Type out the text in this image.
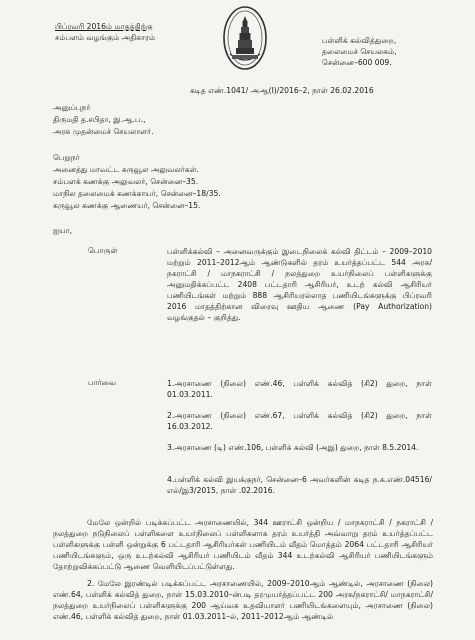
பிப்ரவரி 2016ம் மாதத்திற்கு
சம்பளம் வழங்கும் அதிகாரம்	பள்ளிக் கல்வித்துறை,
தலைமைச் செயலகம்,
சென்னை–600 009.
கடித எண்.1041/ அஆ(I)/2016–2, நாள் 26.02.2016
அனுப்புநர்
திருமதி த.சபிதா, இ.ஆ.ப.,
அரசு முதன்மைச் செயலாளர்.
பெறுநர்
அனைத்து மாவட்ட கருவூல அலுவலர்கள்.
சம்பளக் கணக்கு அலுவலர், சென்னை–35.
மாநில தலைமைக் கணக்காயர், சென்னை–18/35.
கருவூல கணக்கு ஆணையர், சென்னை–15.
ஐயா,
பொருள்	பள்ளிக்கல்வி – அனைவருக்கும் இடைநிலைக் கல்வி திட்டம் – 2009–2010 மற்றும் 2011–2012ஆம் ஆண்டுகளில் தரம் உயர்த்தப்பட்ட 544 அரசு/ நகராட்சி / மாநகராட்சி / நலத்துறை உயர்நிலைப் பள்ளிகளுக்கு அனுமதிக்கப்பட்ட 2408 பட்டதாரி ஆசிரியர், உடற் கல்வி ஆசிரியர் பணியிடங்கள் மற்றும் 888 ஆசிரியரல்லாத பணியிடங்களுக்கு பிப்ரவரி 2016 மாதத்திற்கான விரைவு ஊதிய ஆணை (Pay Authorization) வழங்குதல் – குறித்து.
பார்வை	1.அரசாணை (நிலை) எண்.46, பள்ளிக் கல்வித் (சி2) துறை, நாள் 01.03.2011.
2.அரசாணை (நிலை) எண்.67, பள்ளிக் கல்வித் (சி2) துறை, நாள் 16.03.2012.
3.அரசாணை (டி) எண்.106, பள்ளிக் கல்வி (அஇ) துறை, நாள் 8.5.2014.
4.பள்ளிக் கல்வி இயக்குநர், சென்னை–6 அவர்களின் கடித ந.க.எண்.04516/எல்/இ3/2015, நாள் .02.2016.
மேலே ஒன்றில் படிக்கப்பட்ட அரசாணையில், 344 ஊராட்சி ஒன்றிய / மாநகராட்சி / நகராட்சி / நலத்துறை நடுநிலைப் பள்ளிகளை உயர்நிலைப் பள்ளிகளாக தரம் உயர்த்தி அவ்வாறு தரம் உயர்த்தப்பட்ட பள்ளிகளுக்கு பள்ளி ஒன்றுக்கு 6 பட்டதாரி ஆசிரியர்கள் பணியிடம் வீதம் மொத்தம் 2064 பட்டதாரி ஆசிரியர் பணியிடங்களும், ஒரு உடற்கல்வி ஆசிரியர் பணியிடம் வீதம் 344 உடற்கல்வி ஆசிரியர் பணியிடங்களும் தோற்றுவிக்கப்பட்டு ஆணை வெளியிடப்பட்டுள்ளது.
2. மேலே இரண்டில் படிக்கப்பட்ட அரசாணையில், 2009–2010ஆம் ஆண்டில், அரசாணை (நிலை) எண்.64, பள்ளிக் கல்வித் துறை, நாள் 15.03.2010–ன்படி தரமுயர்த்தப்பட்ட 200 அரசு/நகராட்சி/ மாநகராட்சி/ நலத்துறை உயர்நிலைப் பள்ளிகளுக்கு 200 ஆய்வக உதவியாளர் பணியிடங்களையும், அரசாணை (நிலை) எண்.46, பள்ளிக் கல்வித் துறை, நாள் 01.03.2011–ல், 2011–2012ஆம் ஆண்டில்
